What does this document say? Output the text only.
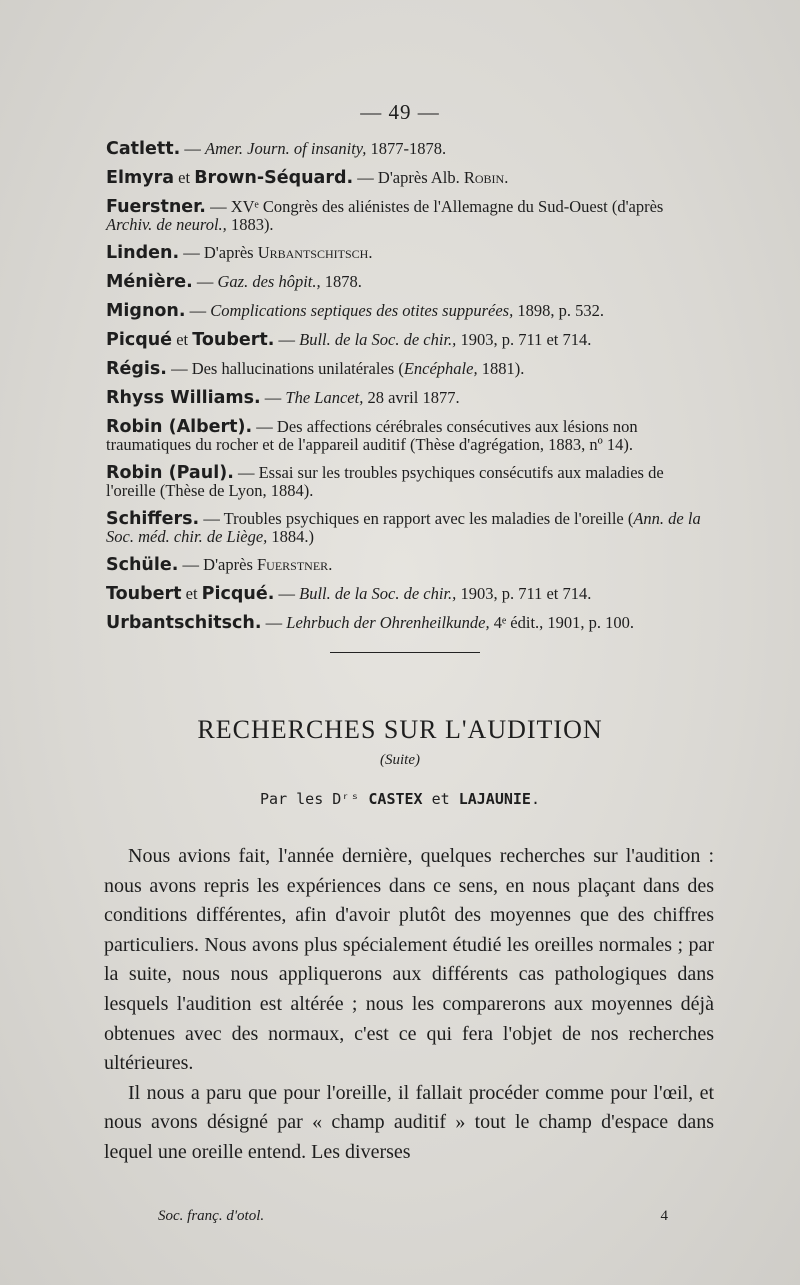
— 49 —
Catlett. — Amer. Journ. of insanity, 1877-1878.
Elmyra et Brown-Séquard. — D'après Alb. Robin.
Fuerstner. — XVᵉ Congrès des aliénistes de l'Allemagne du Sud-Ouest (d'après Archiv. de neurol., 1883).
Linden. — D'après Urbantschitsch.
Ménière. — Gaz. des hôpit., 1878.
Mignon. — Complications septiques des otites suppurées, 1898, p. 532.
Picqué et Toubert. — Bull. de la Soc. de chir., 1903, p. 711 et 714.
Régis. — Des hallucinations unilatérales (Encéphale, 1881).
Rhyss Williams. — The Lancet, 28 avril 1877.
Robin (Albert). — Des affections cérébrales consécutives aux lésions non traumatiques du rocher et de l'appareil auditif (Thèse d'agrégation, 1883, nº 14).
Robin (Paul). — Essai sur les troubles psychiques consécutifs aux maladies de l'oreille (Thèse de Lyon, 1884).
Schiffers. — Troubles psychiques en rapport avec les maladies de l'oreille (Ann. de la Soc. méd. chir. de Liège, 1884.)
Schüle. — D'après Fuerstner.
Toubert et Picqué. — Bull. de la Soc. de chir., 1903, p. 711 et 714.
Urbantschitsch. — Lehrbuch der Ohrenheilkunde, 4ᵉ édit., 1901, p. 100.
RECHERCHES SUR L'AUDITION
(Suite)
Par les Dʳˢ CASTEX et LAJAUNIE.

Nous avions fait, l'année dernière, quelques recherches sur l'audition : nous avons repris les expériences dans ce sens, en nous plaçant dans des conditions différentes, afin d'avoir plutôt des moyennes que des chiffres particuliers. Nous avons plus spécialement étudié les oreilles normales ; par la suite, nous nous appliquerons aux différents cas pathologiques dans lesquels l'audition est altérée ; nous les comparerons aux moyennes déjà obtenues avec des normaux, c'est ce qui fera l'objet de nos recherches ultérieures.

Il nous a paru que pour l'oreille, il fallait procéder comme pour l'œil, et nous avons désigné par « champ auditif » tout le champ d'espace dans lequel une oreille entend. Les diverses

Soc. franç. d'otol.	4
